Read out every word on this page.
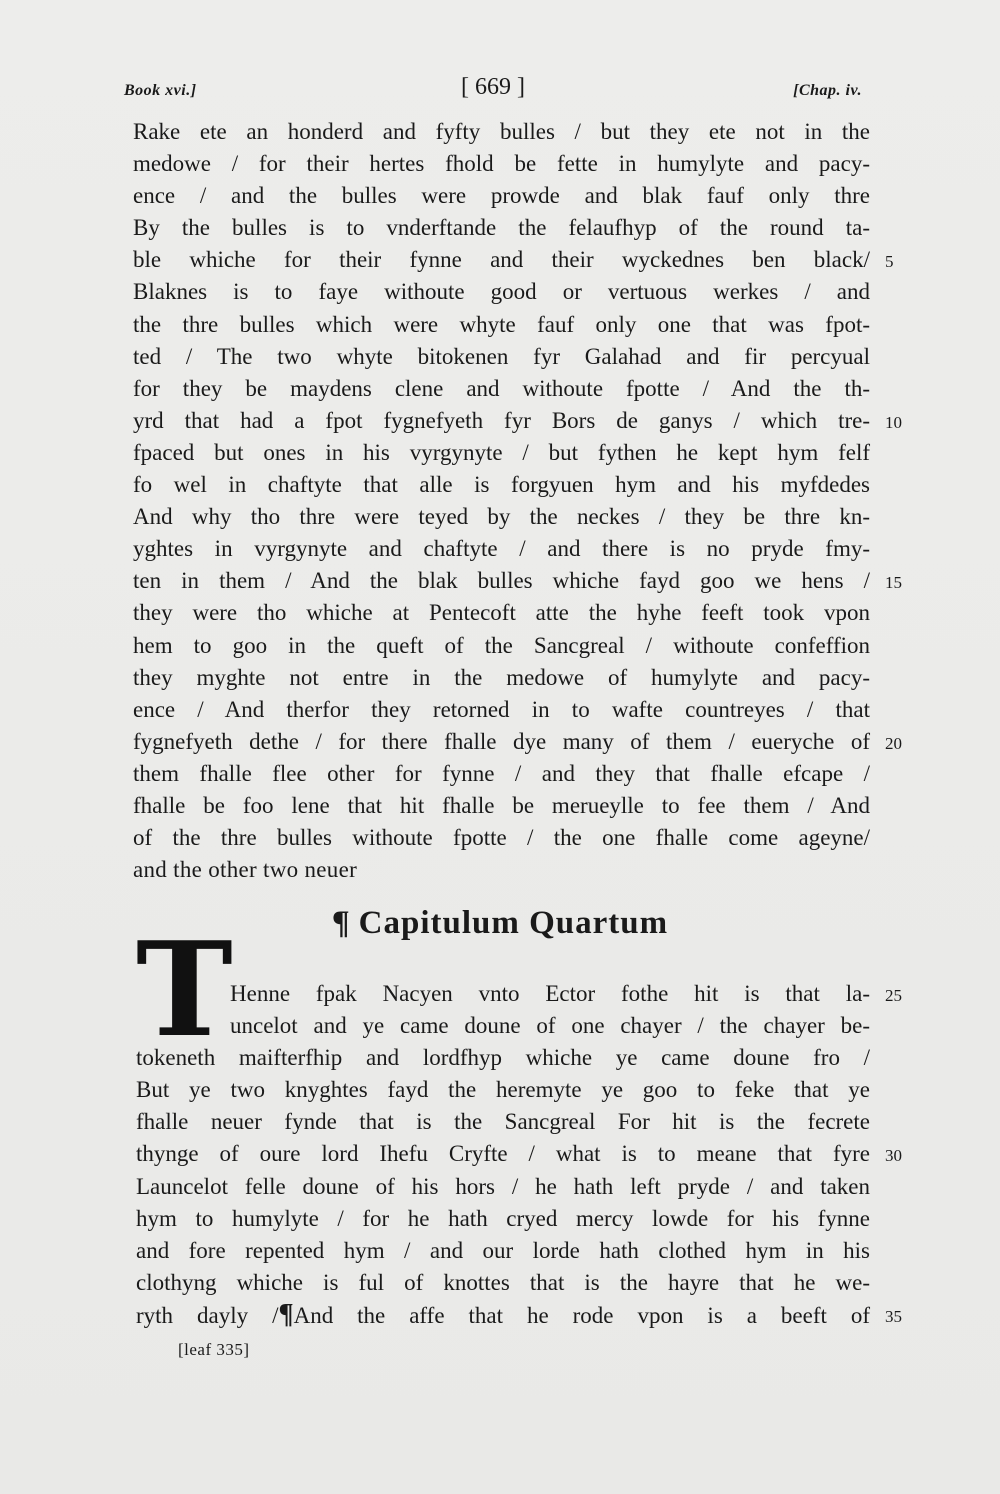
Book xvi.]	[ 669 ]	[Chap. iv.
Rake ete an honderd and fyfty bulles / but they ete not in the
medowe / for their hertes fhold be fette in humylyte and pacy-
ence / and the bulles were prowde and blak fauf only thre
By the bulles is to vnderftande the felaufhyp of the round ta-
ble whiche for their fynne and their wyckednes ben black/ 5
Blaknes is to faye withoute good or vertuous werkes / and
the thre bulles which were whyte fauf only one that was fpot-
ted / The two whyte bitokenen fyr Galahad and fir percyual
for they be maydens clene and withoute fpotte / And the th-
yrd that had a fpot fygnefyeth fyr Bors de ganys / which tre- 10
fpaced but ones in his vyrgynyte / but fythen he kept hym felf
fo wel in chaftyte that alle is forgyuen hym and his myfdedes
And why tho thre were teyed by the neckes / they be thre kn-
yghtes in vyrgynyte and chaftyte / and there is no pryde fmy-
ten in them / And the blak bulles whiche fayd goo we hens / 15
they were tho whiche at Pentecoft atte the hyhe feeft took vpon
hem to goo in the queft of the Sancgreal / withoute confeffion
they myghte not entre in the medowe of humylyte and pacy-
ence / And therfor they retorned in to wafte countreyes / that
fygnefyeth dethe / for there fhalle dye many of them / eueryche of 20
them fhalle flee other for fynne / and they that fhalle efcape /
fhalle be foo lene that hit fhalle be merueylle to fee them / And
of the thre bulles withoute fpotte / the one fhalle come ageyne/
and the other two neuer
¶ Capitulum Quartum
T
Henne fpak Nacyen vnto Ector fothe hit is that la- 25
uncelot and ye came doune of one chayer / the chayer be-
tokeneth maifterfhip and lordfhyp whiche ye came doune fro /
But ye two knyghtes fayd the heremyte ye goo to feke that ye
fhalle neuer fynde that is the Sancgreal For hit is the fecrete
thynge of oure lord Ihefu Cryfte / what is to meane that fyre 30
Launcelot felle doune of his hors / he hath left pryde / and taken
hym to humylyte / for he hath cryed mercy lowde for his fynne
and fore repented hym / and our lorde hath clothed hym in his
clothyng whiche is ful of knottes that is the hayre that he we-
ryth dayly /¶And the affe that he rode vpon is a beeft of 35
[leaf 335]
